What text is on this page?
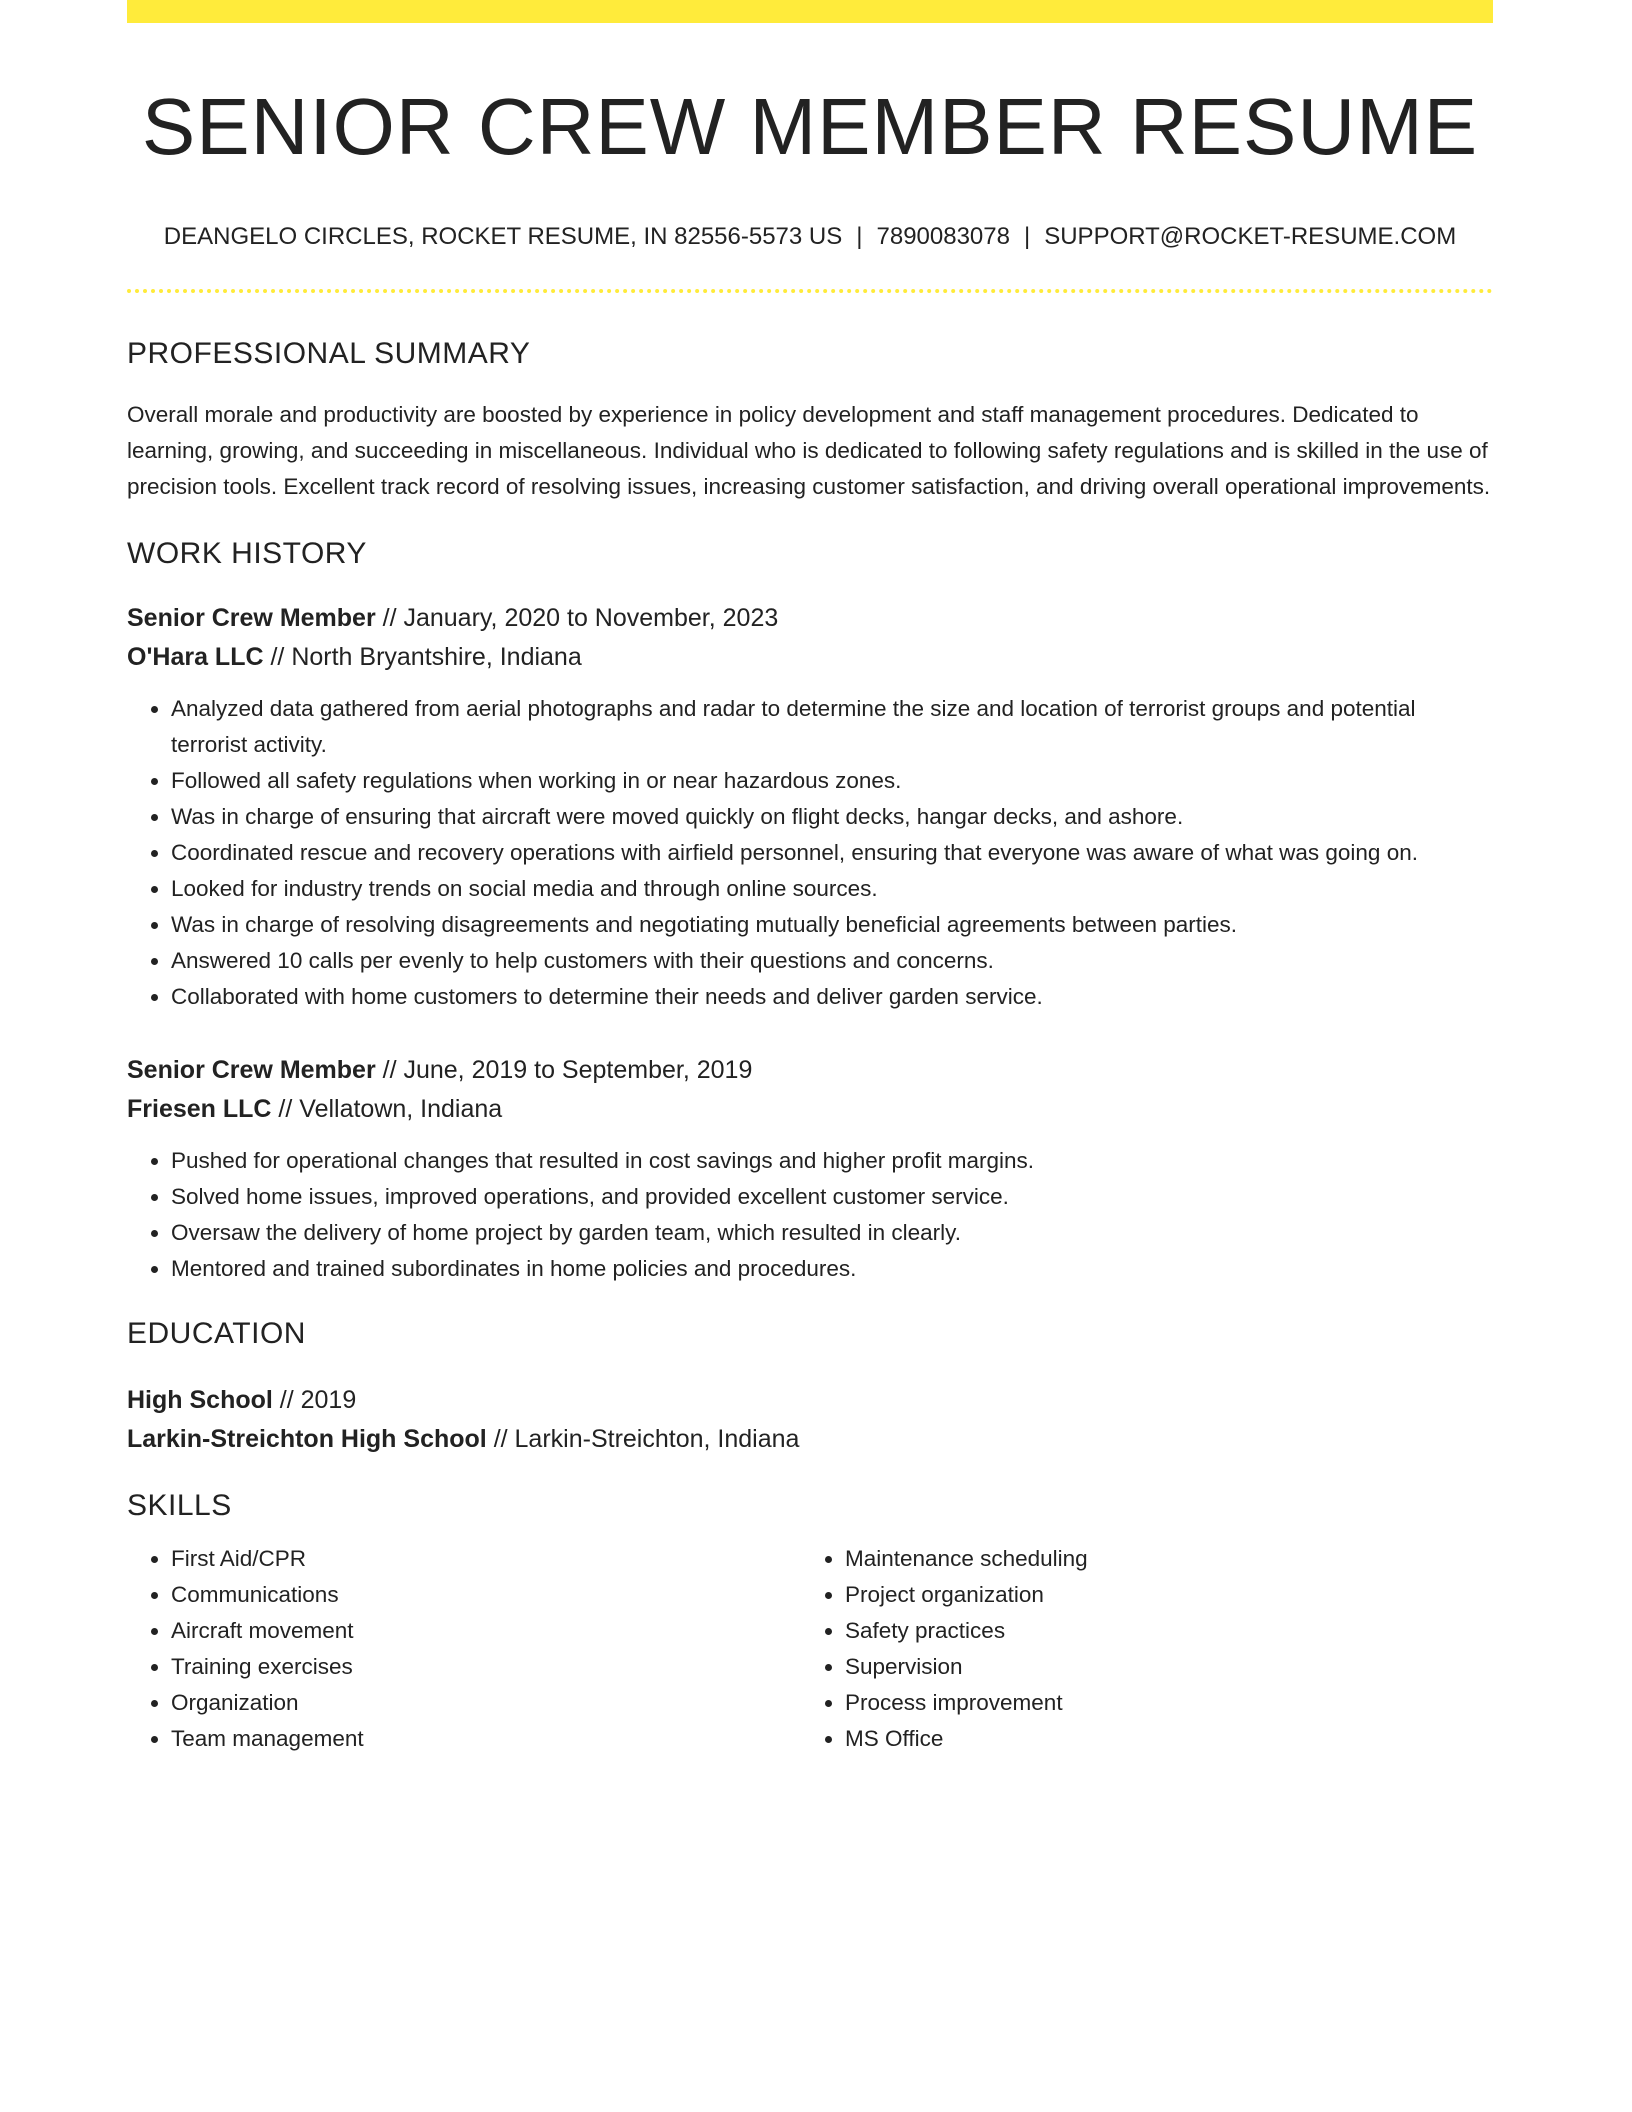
SENIOR CREW MEMBER RESUME
DEANGELO CIRCLES, ROCKET RESUME, IN 82556-5573 US | 7890083078 | SUPPORT@ROCKET-RESUME.COM
PROFESSIONAL SUMMARY
Overall morale and productivity are boosted by experience in policy development and staff management procedures. Dedicated to learning, growing, and succeeding in miscellaneous. Individual who is dedicated to following safety regulations and is skilled in the use of precision tools. Excellent track record of resolving issues, increasing customer satisfaction, and driving overall operational improvements.
WORK HISTORY
Senior Crew Member // January, 2020 to November, 2023
O'Hara LLC // North Bryantshire, Indiana
• Analyzed data gathered from aerial photographs and radar to determine the size and location of terrorist groups and potential terrorist activity.
• Followed all safety regulations when working in or near hazardous zones.
• Was in charge of ensuring that aircraft were moved quickly on flight decks, hangar decks, and ashore.
• Coordinated rescue and recovery operations with airfield personnel, ensuring that everyone was aware of what was going on.
• Looked for industry trends on social media and through online sources.
• Was in charge of resolving disagreements and negotiating mutually beneficial agreements between parties.
• Answered 10 calls per evenly to help customers with their questions and concerns.
• Collaborated with home customers to determine their needs and deliver garden service.
Senior Crew Member // June, 2019 to September, 2019
Friesen LLC // Vellatown, Indiana
• Pushed for operational changes that resulted in cost savings and higher profit margins.
• Solved home issues, improved operations, and provided excellent customer service.
• Oversaw the delivery of home project by garden team, which resulted in clearly.
• Mentored and trained subordinates in home policies and procedures.
EDUCATION
High School // 2019
Larkin-Streichton High School // Larkin-Streichton, Indiana
SKILLS
• First Aid/CPR
• Communications
• Aircraft movement
• Training exercises
• Organization
• Team management
• Maintenance scheduling
• Project organization
• Safety practices
• Supervision
• Process improvement
• MS Office
